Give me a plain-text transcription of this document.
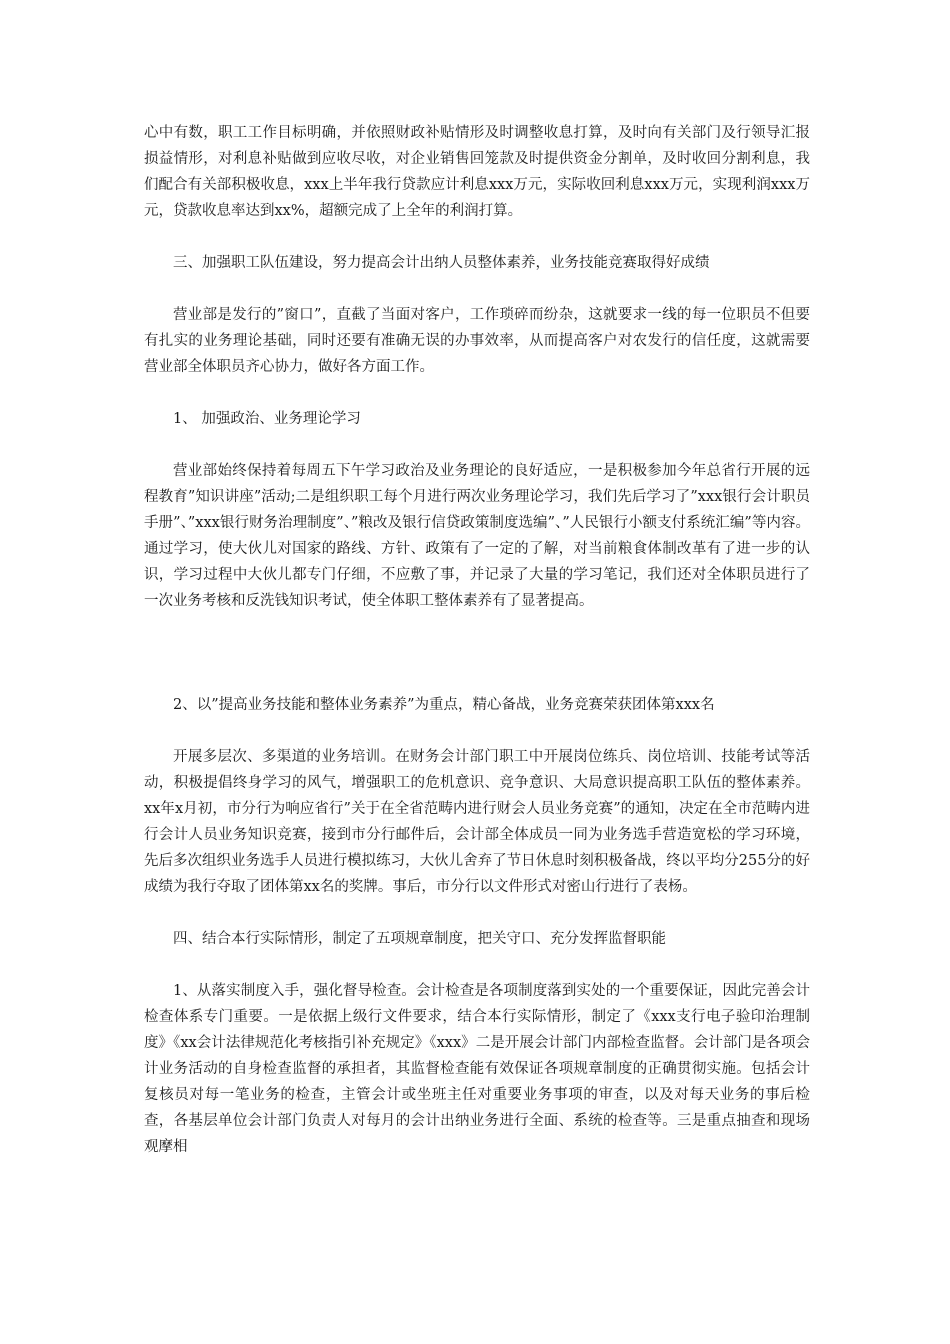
心中有数，职工工作目标明确，并依照财政补贴情形及时调整收息打算，及时向有关部门及行领导汇报损益情形，对利息补贴做到应收尽收，对企业销售回笼款及时提供资金分割单，及时收回分割利息，我们配合有关部积极收息，xxx上半年我行贷款应计利息xxx万元，实际收回利息xxx万元，实现利润xxx万元，贷款收息率达到xx%，超额完成了上全年的利润打算。

三、加强职工队伍建设，努力提高会计出纳人员整体素养，业务技能竞赛取得好成绩

营业部是发行的”窗口”，直截了当面对客户，工作琐碎而纷杂，这就要求一线的每一位职员不但要有扎实的业务理论基础，同时还要有准确无误的办事效率，从而提高客户对农发行的信任度，这就需要营业部全体职员齐心协力，做好各方面工作。

1、 加强政治、业务理论学习

营业部始终保持着每周五下午学习政治及业务理论的良好适应，一是积极参加今年总省行开展的远程教育”知识讲座”活动;二是组织职工每个月进行两次业务理论学习，我们先后学习了”xxx银行会计职员手册”、”xxx银行财务治理制度”、”粮改及银行信贷政策制度选编”、”人民银行小额支付系统汇编”等内容。通过学习，使大伙儿对国家的路线、方针、政策有了一定的了解，对当前粮食体制改革有了进一步的认识，学习过程中大伙儿都专门仔细，不应敷了事，并记录了大量的学习笔记，我们还对全体职员进行了一次业务考核和反洗钱知识考试，使全体职工整体素养有了显著提高。

2、以”提高业务技能和整体业务素养”为重点，精心备战，业务竞赛荣获团体第xxx名

开展多层次、多渠道的业务培训。在财务会计部门职工中开展岗位练兵、岗位培训、技能考试等活动，积极提倡终身学习的风气，增强职工的危机意识、竞争意识、大局意识提高职工队伍的整体素养。xx年x月初，市分行为响应省行”关于在全省范畴内进行财会人员业务竞赛”的通知，决定在全市范畴内进行会计人员业务知识竞赛，接到市分行邮件后，会计部全体成员一同为业务选手营造宽松的学习环境，先后多次组织业务选手人员进行模拟练习，大伙儿舍弃了节日休息时刻积极备战，终以平均分255分的好成绩为我行夺取了团体第xx名的奖牌。事后，市分行以文件形式对密山行进行了表杨。

四、结合本行实际情形，制定了五项规章制度，把关守口、充分发挥监督职能

1、从落实制度入手，强化督导检查。会计检查是各项制度落到实处的一个重要保证，因此完善会计检查体系专门重要。一是依据上级行文件要求，结合本行实际情形，制定了《xxx支行电子验印治理制度》《xx会计法律规范化考核指引补充规定》《xxx》二是开展会计部门内部检查监督。会计部门是各项会计业务活动的自身检查监督的承担者，其监督检查能有效保证各项规章制度的正确贯彻实施。包括会计复核员对每一笔业务的检查，主管会计或坐班主任对重要业务事项的审查，以及对每天业务的事后检查，各基层单位会计部门负责人对每月的会计出纳业务进行全面、系统的检查等。三是重点抽查和现场观摩相
